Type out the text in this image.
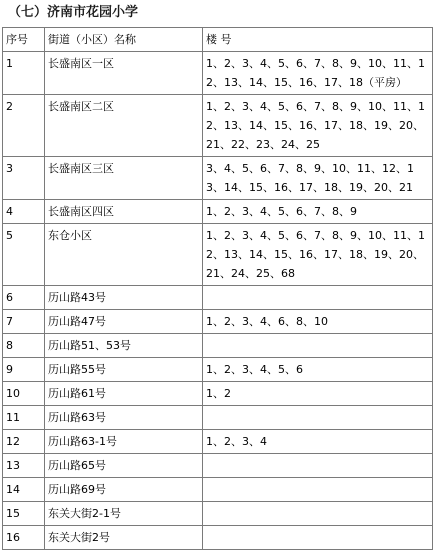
（七）济南市花园小学
序号	街道（小区）名称	楼 号
1	长盛南区一区	1、2、3、4、5、6、7、8、9、10、11、12、13、14、15、16、17、18（平房）
2	长盛南区二区	1、2、3、4、5、6、7、8、9、10、11、12、13、14、15、16、17、18、19、20、21、22、23、24、25
3	长盛南区三区	3、4、5、6、7、8、9、10、11、12、13、14、15、16、17、18、19、20、21
4	长盛南区四区	1、2、3、4、5、6、7、8、9
5	东仓小区	1、2、3、4、5、6、7、8、9、10、11、12、13、14、15、16、17、18、19、20、21、24、25、68
6	历山路43号	
7	历山路47号	1、2、3、4、6、8、10
8	历山路51、53号	
9	历山路55号	1、2、3、4、5、6
10	历山路61号	1、2
11	历山路63号	
12	历山路63-1号	1、2、3、4
13	历山路65号	
14	历山路69号	
15	东关大街2-1号	
16	东关大街2号	
